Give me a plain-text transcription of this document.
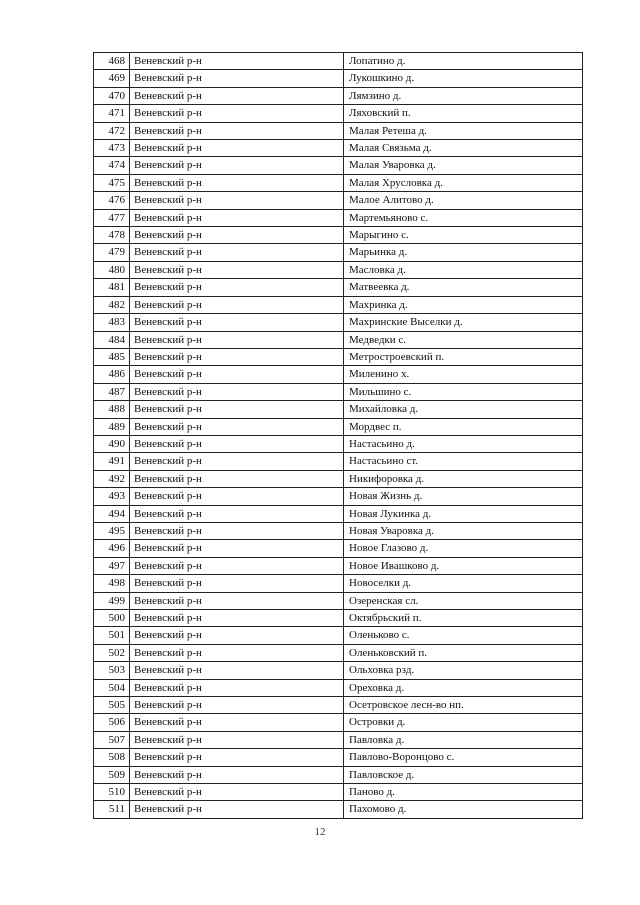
468	Веневский р-н	Лопатино д.
469	Веневский р-н	Лукошкино д.
470	Веневский р-н	Лямзино д.
471	Веневский р-н	Ляховский п.
472	Веневский р-н	Малая Ретеша д.
473	Веневский р-н	Малая Связьма д.
474	Веневский р-н	Малая Уваровка д.
475	Веневский р-н	Малая Хрусловка д.
476	Веневский р-н	Малое Алитово д.
477	Веневский р-н	Мартемьяново с.
478	Веневский р-н	Марыгино с.
479	Веневский р-н	Марьинка д.
480	Веневский р-н	Масловка д.
481	Веневский р-н	Матвеевка д.
482	Веневский р-н	Махринка д.
483	Веневский р-н	Махринские Выселки д.
484	Веневский р-н	Медведки с.
485	Веневский р-н	Метростроевский п.
486	Веневский р-н	Миленино х.
487	Веневский р-н	Мильшино с.
488	Веневский р-н	Михайловка д.
489	Веневский р-н	Мордвес п.
490	Веневский р-н	Настасьино д.
491	Веневский р-н	Настасьино ст.
492	Веневский р-н	Никифоровка д.
493	Веневский р-н	Новая Жизнь д.
494	Веневский р-н	Новая Лукинка д.
495	Веневский р-н	Новая Уваровка д.
496	Веневский р-н	Новое Глазово д.
497	Веневский р-н	Новое Ивашково д.
498	Веневский р-н	Новоселки д.
499	Веневский р-н	Озеренская сл.
500	Веневский р-н	Октябрьский п.
501	Веневский р-н	Оленьково с.
502	Веневский р-н	Оленьковский п.
503	Веневский р-н	Ольховка рзд.
504	Веневский р-н	Ореховка д.
505	Веневский р-н	Осетровское лесн-во нп.
506	Веневский р-н	Островки д.
507	Веневский р-н	Павловка д.
508	Веневский р-н	Павлово-Воронцово с.
509	Веневский р-н	Павловское д.
510	Веневский р-н	Паново д.
511	Веневский р-н	Пахомово д.
12
